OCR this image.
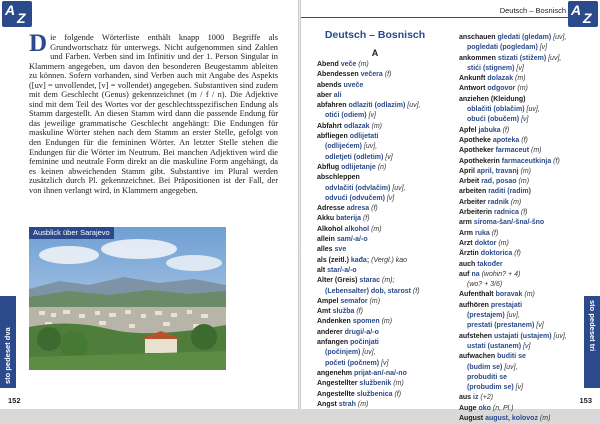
A Z
Die folgende Wörterliste enthält knapp 1000 Begriffe als Grundwortschatz für unterwegs. Nicht aufgenommen sind Zahlen und Farben. Verben sind im Infinitiv und der 1. Person Singular in Klammern angegeben, um davon den besonderen Beugestamm ableiten zu können. Sofern vorhanden, sind Verben auch mit Angabe des Aspekts ([uv] = unvollendet, [v] = vollendet) angegeben. Substantiven sind zudem mit dem Geschlecht (Genus) gekennzeichnet (m / f / n). Die Adjektive sind mit dem Teil des Wortes vor der geschlechtsspezifischen Endung als Stamm dargestellt. An diesen Stamm wird dann die passende Endung für das jeweilige grammatische Geschlecht angehängt: Die Endungen für maskuline Wörter stehen nach dem Stamm an erster Stelle, gefolgt von den Endungen für die femininen Wörter. An letzter Stelle stehen die Endungen für die Wörter im Neutrum. Bei manchen Adjektiven wird die feminine und neutrale Form direkt an die maskuline Form angehängt, da es keinen abweichenden Stamm gibt. Substantive im Plural werden zusätzlich durch Pl. gekennzeichnet. Bei Präpositionen ist der Fall, der von ihnen verlangt wird, in Klammern angegeben.
Ausblick über Sarajevo
sto pedeset dva
152
Deutsch – Bosnisch A Z
Deutsch – Bosnisch
A
Abend veče (m)
Abendessen večera (f)
abends uveče
aber ali
abfahren odlaziti (odlazim) [uv],
otići (odiem) [v]
Abfahrt odlazak (m)
abfliegen odlijetati
(odlijećem) [uv],
odletjeti (odletim) [v]
Abflug odlijetanje (n)
abschleppen
odvlačiti (odvlačim) [uv],
odvući (odvučem) [v]
Adresse adresa (f)
Akku baterija (f)
Alkohol alkohol (m)
allein sam/-a/-o
alles sve
als (zeitl.) kađa; (Vergl.) kao
alt star/-a/-o
Alter (Greis) starac (m);
(Lebensalter) dob, starost (f)
Ampel semafor (m)
Amt služba (f)
Andenken spomen (m)
anderer drugi/-a/-o
anfangen počinjati
(počinjem) [uv],
početi (počnem) [v]
angenehm prijat-an/-na/-no
Angestellter službenik (m)
Angestellte službenica (f)
Angst strah (m)
anschauen gledati (gledam) [uv],
pogledati (pogledam) [v]
ankommen stizati (stižem) [uv],
stići (stignem) [v]
Ankunft dolazak (m)
Antwort odgovor (m)
anziehen (Kleidung)
oblačiti (oblačim) [uv],
obući (obučem) [v]
Apfel jabuka (f)
Apotheke apoteka (f)
Apotheker farmaceut (m)
Apothekerin farmaceutkinja (f)
April april, travanj (m)
Arbeit rad, posao (m)
arbeiten raditi (radim)
Arbeiter radnik (m)
Arbeiterin radnica (f)
arm siroma-šan/-šna/-šno
Arm ruka (f)
Arzt doktor (m)
Ärztin doktorica (f)
auch također
auf na (wohin? + 4)
(wo? + 3/6)
Aufenthalt boravak (m)
aufhören prestajati
(prestajem) [uv],
prestati (prestanem) [v]
aufstehen ustajati (ustajem) [uv],
ustati (ustanem) [v]
aufwachen buditi se
(budim se) [uv],
probuditi se
(probudim se) [v]
aus iz (+2)
Auge oko (n, Pl.)
August august, kolovoz (m)
sto pedeset tri
153
